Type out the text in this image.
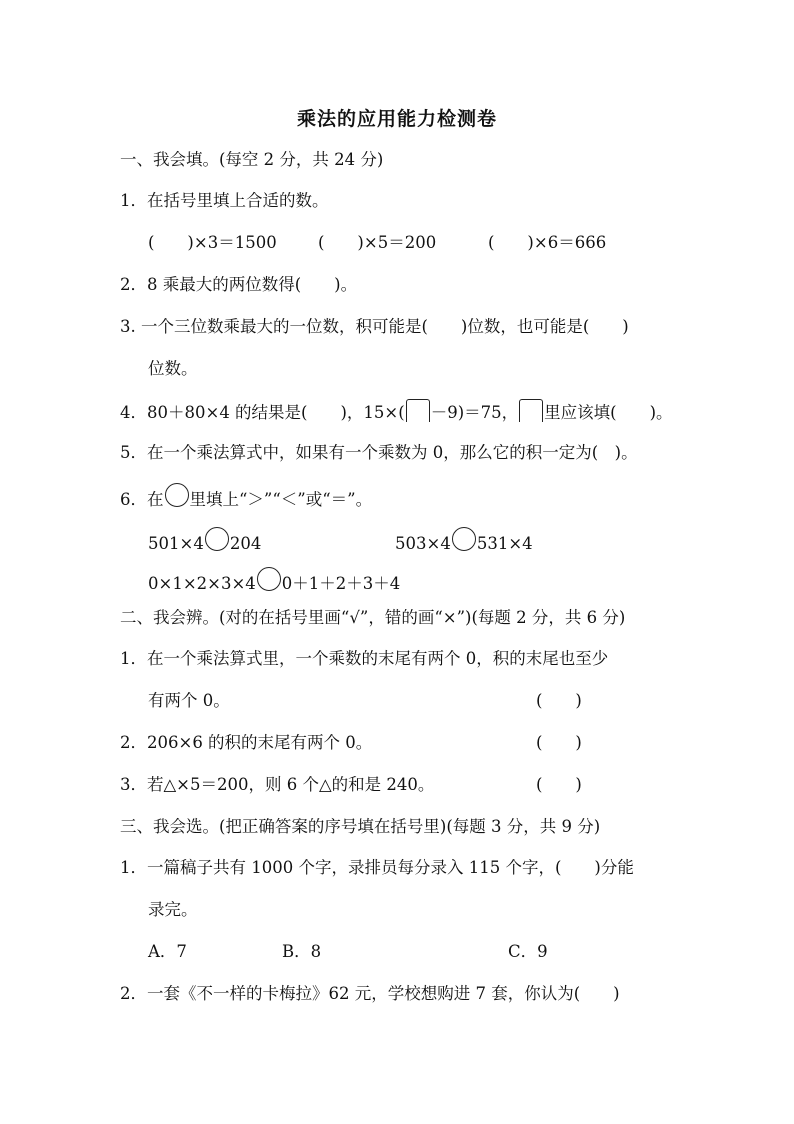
乘法的应用能力检测卷
一、我会填。(每空 2 分，共 24 分)
1．在括号里填上合适的数。
(　　)×3＝1500	(　　)×5＝200	(　　)×6＝666
2．8 乘最大的两位数得(　　)。
3. 一个三位数乘最大的一位数，积可能是(　　)位数，也可能是(　　)
位数。
4．80＋80×4 的结果是(　　)，15×( －9)＝75， 里应该填(　　)。
5．在一个乘法算式中，如果有一个乘数为 0，那么它的积一定为(　)。
6．在 里填上“＞”“＜”或“＝”。
501×4 204	503×4 531×4
0×1×2×3×4 0＋1＋2＋3＋4
二、我会辨。(对的在括号里画“√”，错的画“×”)(每题 2 分，共 6 分)
1．在一个乘法算式里，一个乘数的末尾有两个 0，积的末尾也至少
有两个 0。	(　　)
2．206×6 的积的末尾有两个 0。	(　　)
3．若△×5＝200，则 6 个△的和是 240。	(　　)
三、我会选。(把正确答案的序号填在括号里)(每题 3 分，共 9 分)
1．一篇稿子共有 1000 个字，录排员每分录入 115 个字，(　　)分能
录完。
A．7	B．8	C．9
2．一套《不一样的卡梅拉》62 元，学校想购进 7 套，你认为(　　)
